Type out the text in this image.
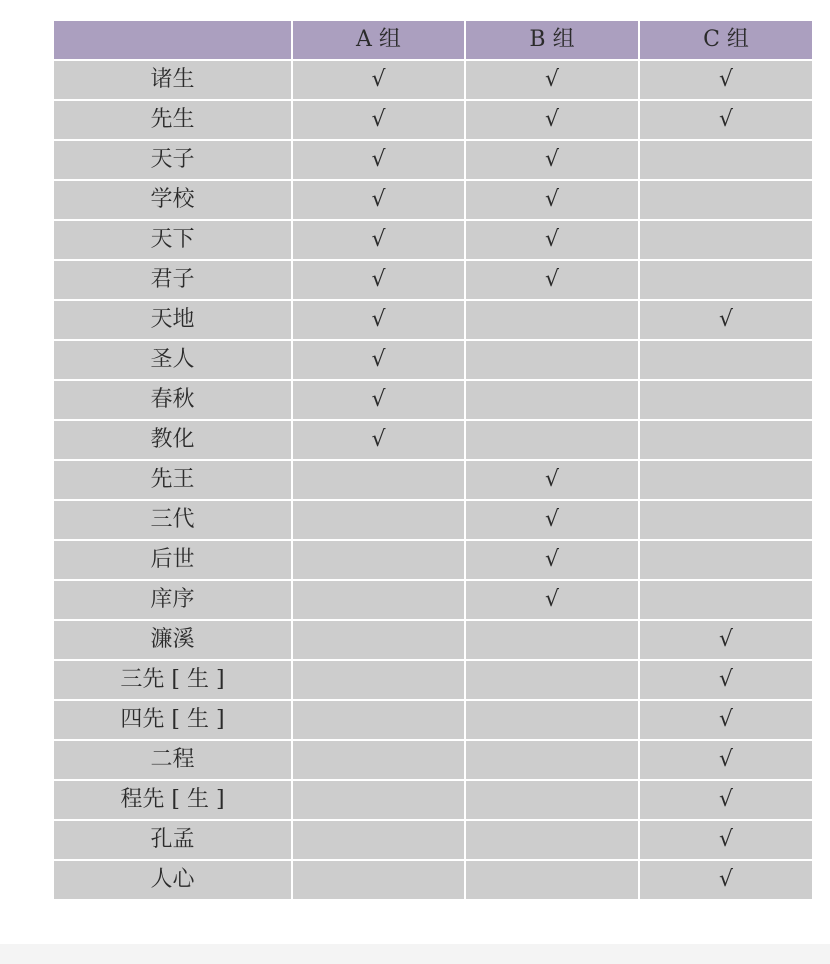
	A 组	B 组	C 组
诸生	√	√	√
先生	√	√	√
天子	√	√	
学校	√	√	
天下	√	√	
君子	√	√	
天地	√		√
圣人	√		
春秋	√		
教化	√		
先王		√	
三代		√	
后世		√	
庠序		√	
濂溪			√
三先 [ 生 ]			√
四先 [ 生 ]			√
二程			√
程先 [ 生 ]			√
孔孟			√
人心			√
